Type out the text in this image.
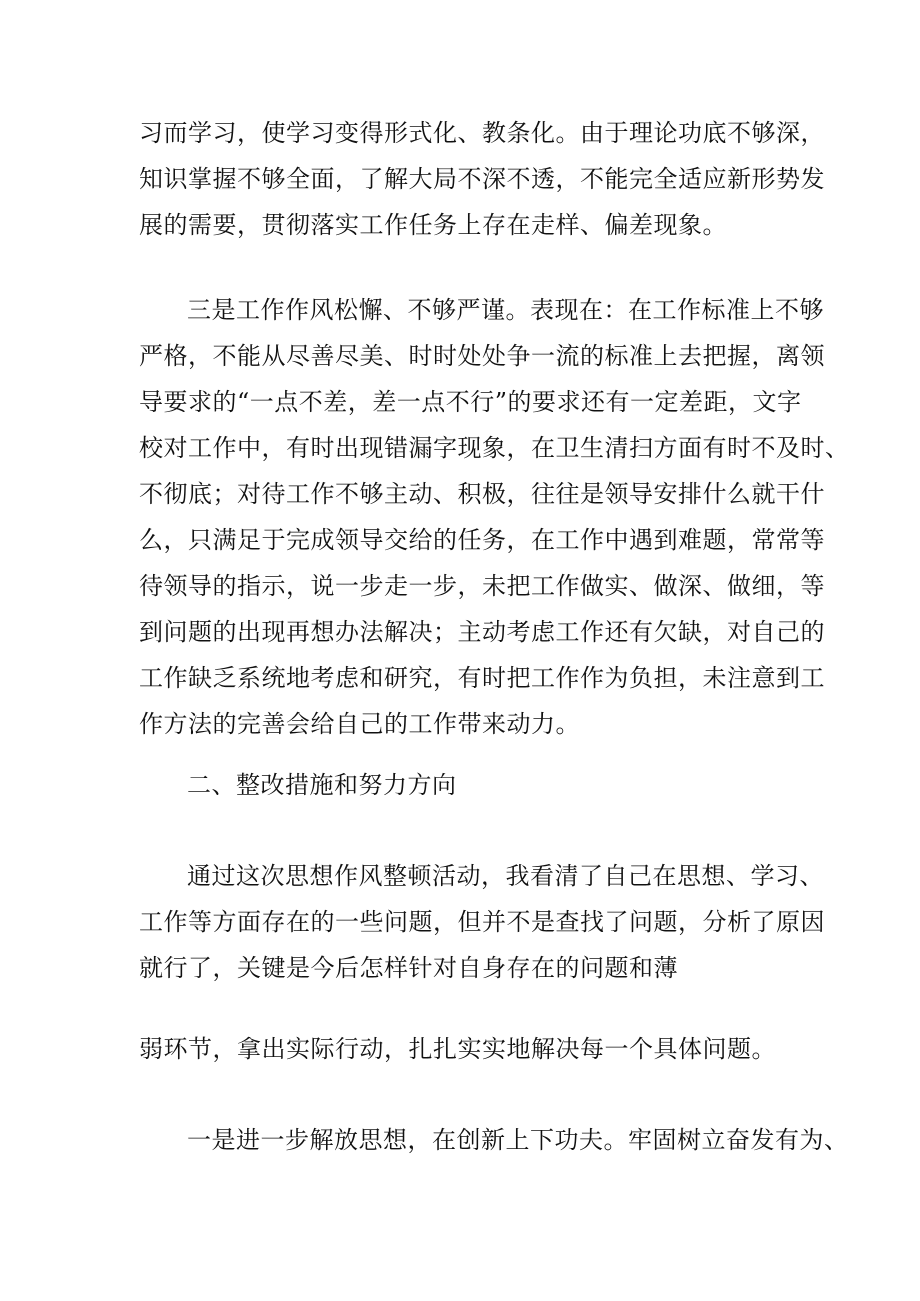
习而学习，使学习变得形式化、教条化。由于理论功底不够深，
知识掌握不够全面，了解大局不深不透，不能完全适应新形势发
展的需要，贯彻落实工作任务上存在走样、偏差现象。
三是工作作风松懈、不够严谨。表现在：在工作标准上不够
严格，不能从尽善尽美、时时处处争一流的标准上去把握，离领
导要求的“一点不差，差一点不行”的要求还有一定差距，文字
校对工作中，有时出现错漏字现象，在卫生清扫方面有时不及时、
不彻底；对待工作不够主动、积极，往往是领导安排什么就干什
么，只满足于完成领导交给的任务，在工作中遇到难题，常常等
待领导的指示，说一步走一步，未把工作做实、做深、做细，等
到问题的出现再想办法解决；主动考虑工作还有欠缺，对自己的
工作缺乏系统地考虑和研究，有时把工作作为负担，未注意到工
作方法的完善会给自己的工作带来动力。
二、整改措施和努力方向
通过这次思想作风整顿活动，我看清了自己在思想、学习、
工作等方面存在的一些问题，但并不是查找了问题，分析了原因
就行了，关键是今后怎样针对自身存在的问题和薄
弱环节，拿出实际行动，扎扎实实地解决每一个具体问题。
一是进一步解放思想，在创新上下功夫。牢固树立奋发有为、
